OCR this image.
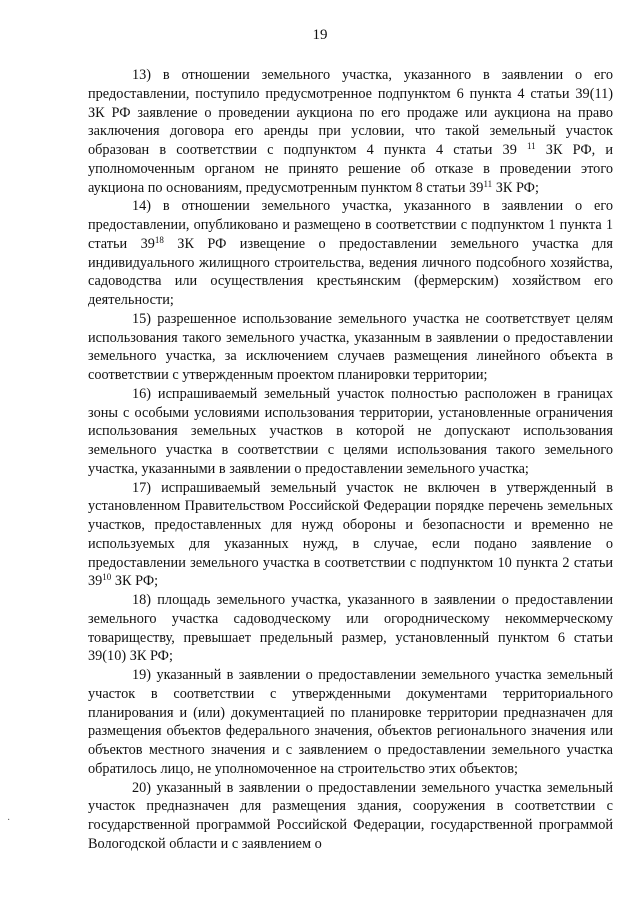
19

13) в отношении земельного участка, указанного в заявлении о его предоставлении, поступило предусмотренное подпунктом 6 пункта 4 статьи 39(11) ЗК РФ заявление о проведении аукциона по его продаже или аукциона на право заключения договора его аренды при условии, что такой земельный участок образован в соответствии с подпунктом 4 пункта 4 статьи 39 $^{11}$ ЗК РФ, и уполномоченным органом не принято решение об отказе в проведении этого аукциона по основаниям, предусмотренным пунктом 8 статьи $39^{11}$ ЗК РФ;

14) в отношении земельного участка, указанного в заявлении о его предоставлении, опубликовано и размещено в соответствии с подпунктом 1 пункта 1 статьи $39^{18}$ ЗК РФ извещение о предоставлении земельного участка для индивидуального жилищного строительства, ведения личного подсобного хозяйства, садоводства или осуществления крестьянским (фермерским) хозяйством его деятельности;

15) разрешенное использование земельного участка не соответствует целям использования такого земельного участка, указанным в заявлении о предоставлении земельного участка, за исключением случаев размещения линейного объекта в соответствии с утвержденным проектом планировки территории;

16) испрашиваемый земельный участок полностью расположен в границах зоны с особыми условиями использования территории, установленные ограничения использования земельных участков в которой не допускают использования земельного участка в соответствии с целями использования такого земельного участка, указанными в заявлении о предоставлении земельного участка;

17) испрашиваемый земельный участок не включен в утвержденный в установленном Правительством Российской Федерации порядке перечень земельных участков, предоставленных для нужд обороны и безопасности и временно не используемых для указанных нужд, в случае, если подано заявление о предоставлении земельного участка в соответствии с подпунктом 10 пункта 2 статьи $39^{10}$ ЗК РФ;

18) площадь земельного участка, указанного в заявлении о предоставлении земельного участка садоводческому или огородническому некоммерческому товариществу, превышает предельный размер, установленный пунктом 6 статьи 39(10) ЗК РФ;

19) указанный в заявлении о предоставлении земельного участка земельный участок в соответствии с утвержденными документами территориального планирования и (или) документацией по планировке территории предназначен для размещения объектов федерального значения, объектов регионального значения или объектов местного значения и с заявлением о предоставлении земельного участка обратилось лицо, не уполномоченное на строительство этих объектов;

20) указанный в заявлении о предоставлении земельного участка земельный участок предназначен для размещения здания, сооружения в соответствии с государственной программой Российской Федерации, государственной программой Вологодской области и с заявлением о

·
